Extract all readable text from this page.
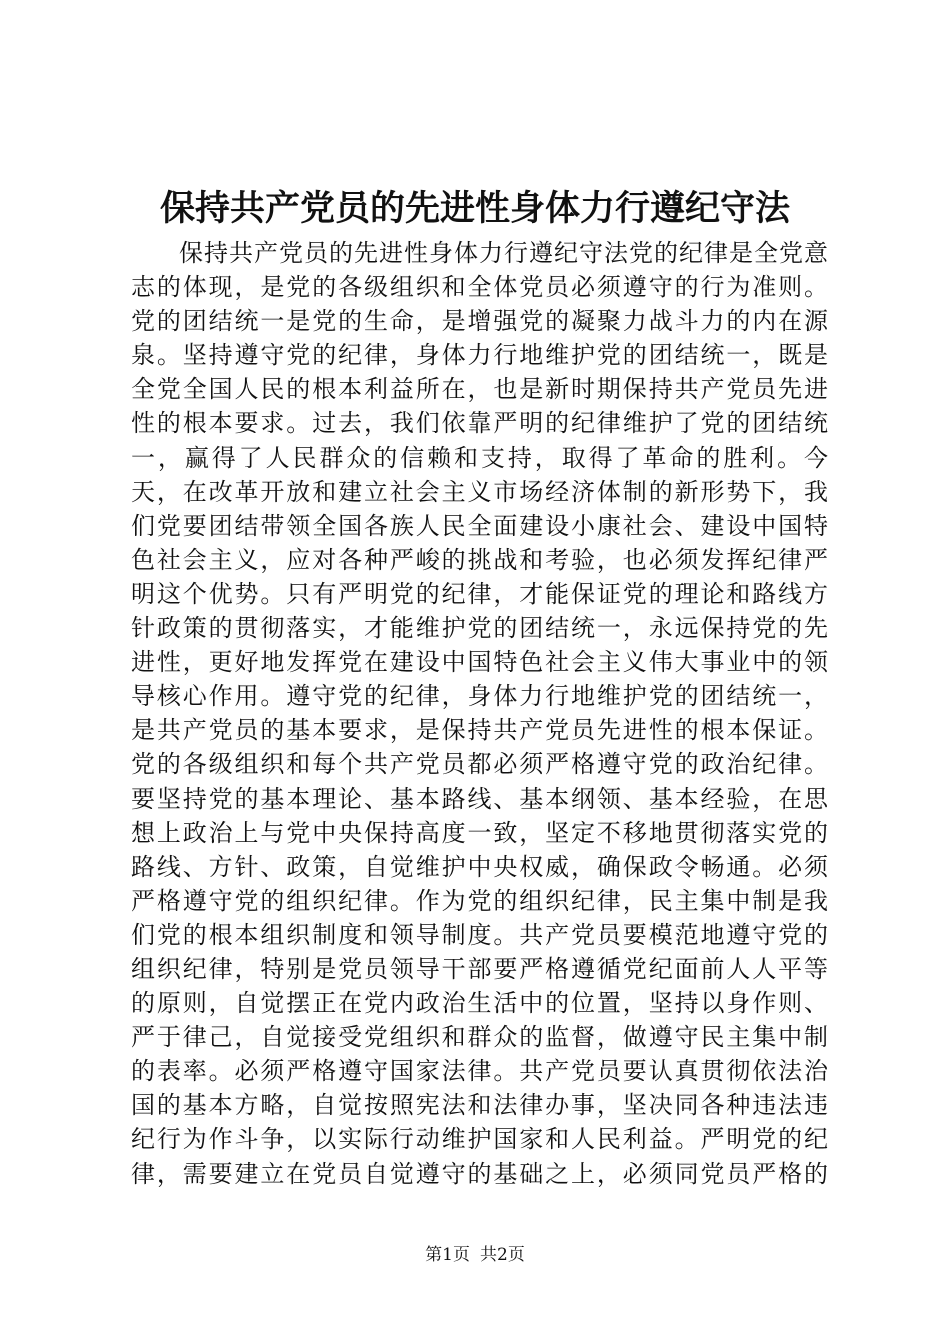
保持共产党员的先进性身体力行遵纪守法

保持共产党员的先进性身体力行遵纪守法党的纪律是全党意志的体现，是党的各级组织和全体党员必须遵守的行为准则。党的团结统一是党的生命，是增强党的凝聚力战斗力的内在源泉。坚持遵守党的纪律，身体力行地维护党的团结统一，既是全党全国人民的根本利益所在，也是新时期保持共产党员先进性的根本要求。过去，我们依靠严明的纪律维护了党的团结统一，赢得了人民群众的信赖和支持，取得了革命的胜利。今天，在改革开放和建立社会主义市场经济体制的新形势下，我们党要团结带领全国各族人民全面建设小康社会、建设中国特色社会主义，应对各种严峻的挑战和考验，也必须发挥纪律严明这个优势。只有严明党的纪律，才能保证党的理论和路线方针政策的贯彻落实，才能维护党的团结统一，永远保持党的先进性，更好地发挥党在建设中国特色社会主义伟大事业中的领导核心作用。遵守党的纪律，身体力行地维护党的团结统一，是共产党员的基本要求，是保持共产党员先进性的根本保证。党的各级组织和每个共产党员都必须严格遵守党的政治纪律。要坚持党的基本理论、基本路线、基本纲领、基本经验，在思想上政治上与党中央保持高度一致，坚定不移地贯彻落实党的路线、方针、政策，自觉维护中央权威，确保政令畅通。必须严格遵守党的组织纪律。作为党的组织纪律，民主集中制是我们党的根本组织制度和领导制度。共产党员要模范地遵守党的组织纪律，特别是党员领导干部要严格遵循党纪面前人人平等的原则，自觉摆正在党内政治生活中的位置，坚持以身作则、严于律己，自觉接受党组织和群众的监督，做遵守民主集中制的表率。必须严格遵守国家法律。共产党员要认真贯彻依法治国的基本方略，自觉按照宪法和法律办事，坚决同各种违法违纪行为作斗争，以实际行动维护国家和人民利益。严明党的纪律，需要建立在党员自觉遵守的基础之上，必须同党员严格的

第1页 共2页
